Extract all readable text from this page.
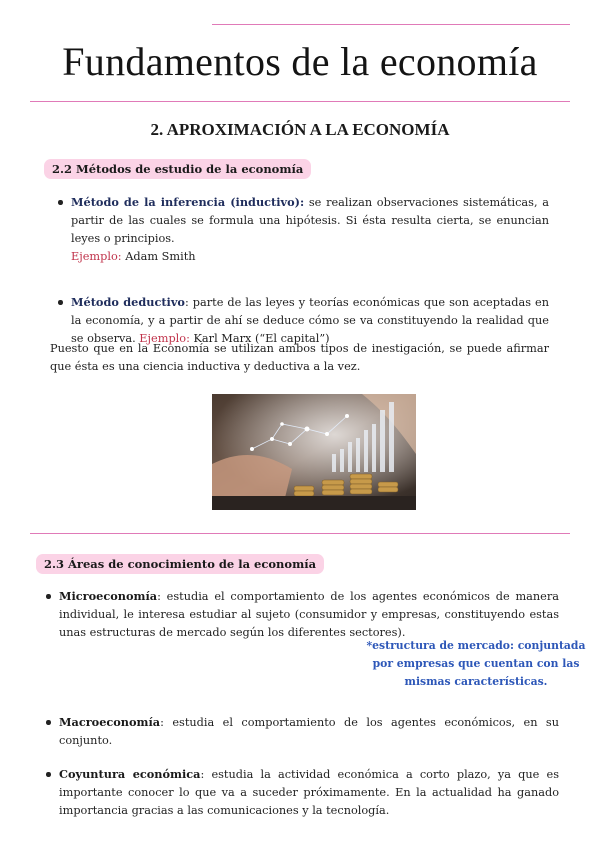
Fundamentos de la economía
2. APROXIMACIÓN A LA ECONOMÍA
2.2 Métodos de estudio de la economía
Método de la inferencia (inductivo): se realizan observaciones sistemáticas, a partir de las cuales se formula una hipótesis. Si ésta resulta cierta, se enuncian leyes o principios.
Ejemplo: Adam Smith
Método deductivo: parte de las leyes y teorías económicas que son aceptadas en la economía, y a partir de ahí se deduce cómo se va constituyendo la realidad que se observa. Ejemplo: Karl Marx (“El capital”)

Puesto que en la Economía se utilizan ambos tipos de inestigación, se puede afirmar que ésta es una ciencia inductiva y deductiva a la vez.

2.3 Áreas de conocimiento de la economía
Microeconomía: estudia el comportamiento de los agentes económicos de manera individual, le interesa estudiar al sujeto (consumidor y empresas, constituyendo estas unas estructuras de mercado según los diferentes sectores).
*estructura de mercado: conjuntada por empresas que cuentan con las mismas características.
Macroeconomía: estudia el comportamiento de los agentes económicos, en su conjunto.
Coyuntura económica: estudia la actividad económica a corto plazo, ya que es importante conocer lo que va a suceder próximamente. En la actualidad ha ganado importancia gracias a las comunicaciones y la tecnología.
